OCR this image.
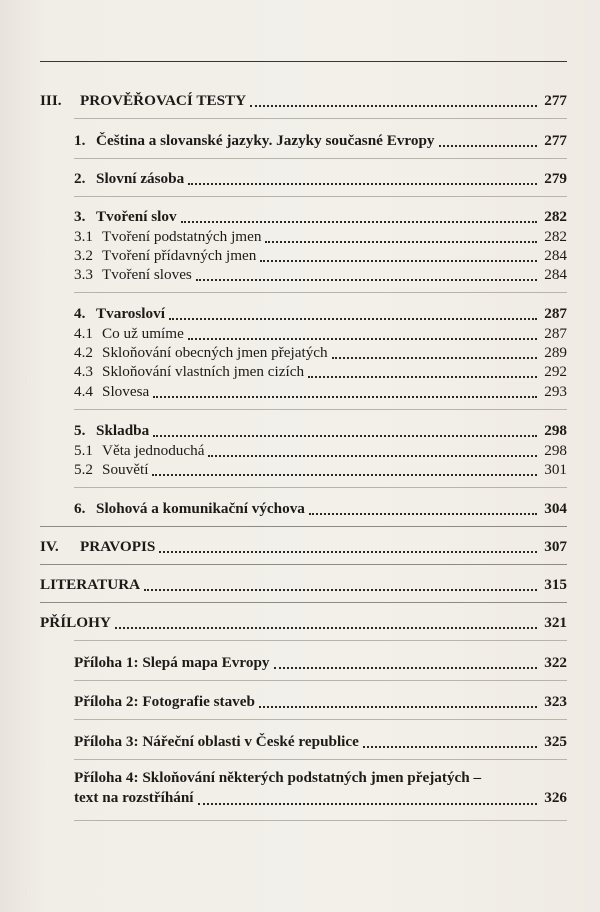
III. PROVĚŘOVACÍ TESTY	277
1. Čeština a slovanské jazyky. Jazyky současné Evropy	277
2. Slovní zásoba	279
3. Tvoření slov	282
3.1 Tvoření podstatných jmen	282
3.2 Tvoření přídavných jmen	284
3.3 Tvoření sloves	284
4. Tvarosloví	287
4.1 Co už umíme	287
4.2 Skloňování obecných jmen přejatých	289
4.3 Skloňování vlastních jmen cizích	292
4.4 Slovesa	293
5. Skladba	298
5.1 Věta jednoduchá	298
5.2 Souvětí	301
6. Slohová a komunikační výchova	304
IV. PRAVOPIS	307
LITERATURA	315
PŘÍLOHY	321
Příloha 1: Slepá mapa Evropy	322
Příloha 2: Fotografie staveb	323
Příloha 3: Nářeční oblasti v České republice	325
Příloha 4: Skloňování některých podstatných jmen přejatých –
text na rozstříhání	326
